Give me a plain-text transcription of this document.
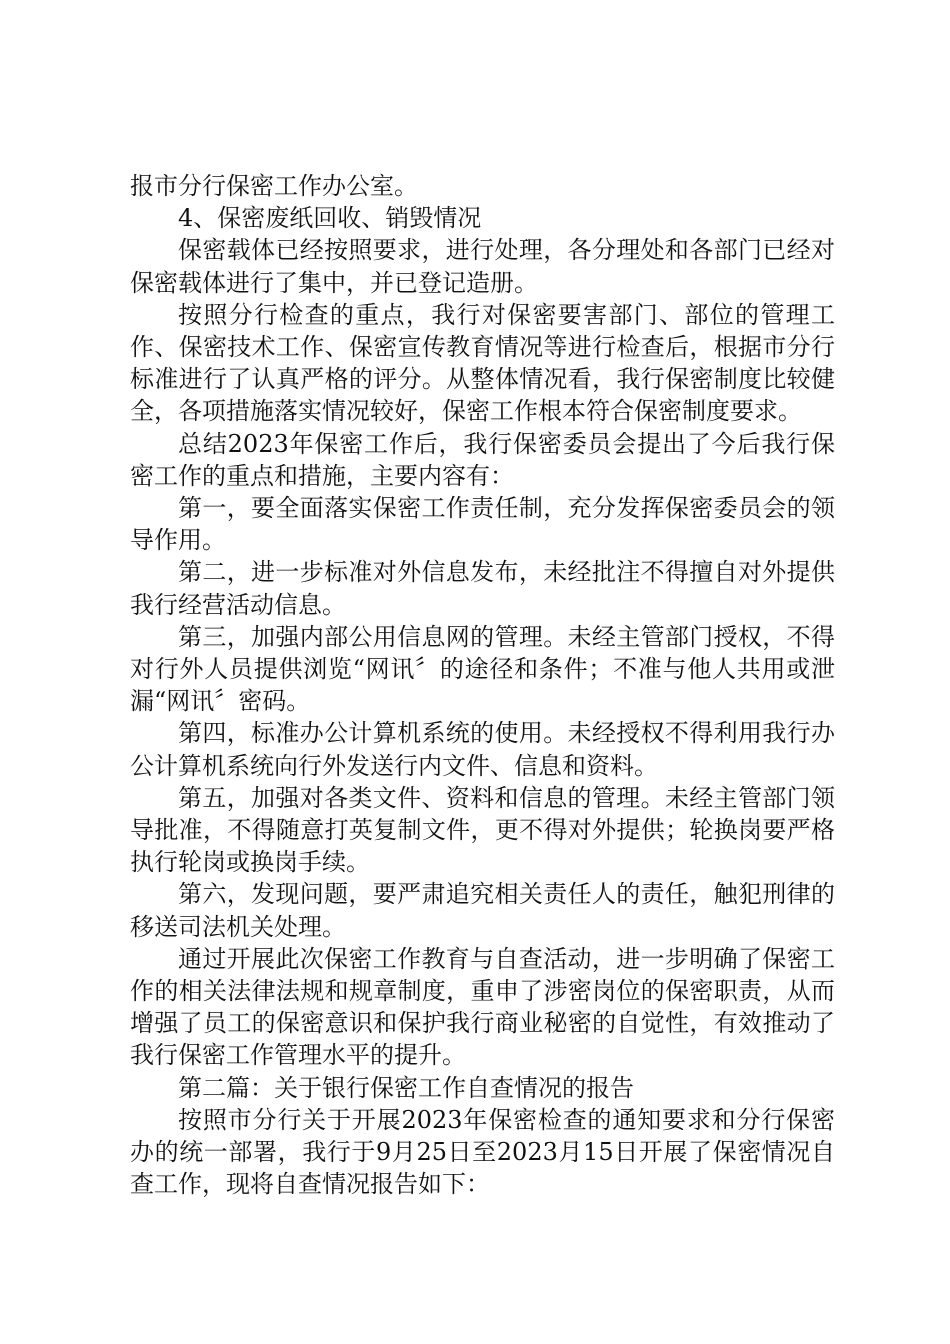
报市分行保密工作办公室。

4、保密废纸回收、销毁情况

保密载体已经按照要求，进行处理，各分理处和各部门已经对保密载体进行了集中，并已登记造册。

按照分行检查的重点，我行对保密要害部门、部位的管理工作、保密技术工作、保密宣传教育情况等进行检查后，根据市分行标准进行了认真严格的评分。从整体情况看，我行保密制度比较健全，各项措施落实情况较好，保密工作根本符合保密制度要求。

总结2023年保密工作后，我行保密委员会提出了今后我行保密工作的重点和措施，主要内容有：

第一，要全面落实保密工作责任制，充分发挥保密委员会的领导作用。

第二，进一步标准对外信息发布，未经批注不得擅自对外提供我行经营活动信息。

第三，加强内部公用信息网的管理。未经主管部门授权，不得对行外人员提供浏览“网讯〞的途径和条件；不准与他人共用或泄漏“网讯〞密码。

第四，标准办公计算机系统的使用。未经授权不得利用我行办公计算机系统向行外发送行内文件、信息和资料。

第五，加强对各类文件、资料和信息的管理。未经主管部门领导批准，不得随意打英复制文件，更不得对外提供；轮换岗要严格执行轮岗或换岗手续。

第六，发现问题，要严肃追究相关责任人的责任，触犯刑律的移送司法机关处理。

通过开展此次保密工作教育与自查活动，进一步明确了保密工作的相关法律法规和规章制度，重申了涉密岗位的保密职责，从而增强了员工的保密意识和保护我行商业秘密的自觉性，有效推动了我行保密工作管理水平的提升。

第二篇：关于银行保密工作自查情况的报告

按照市分行关于开展2023年保密检查的通知要求和分行保密办的统一部署，我行于9月25日至2023月15日开展了保密情况自查工作，现将自查情况报告如下：
